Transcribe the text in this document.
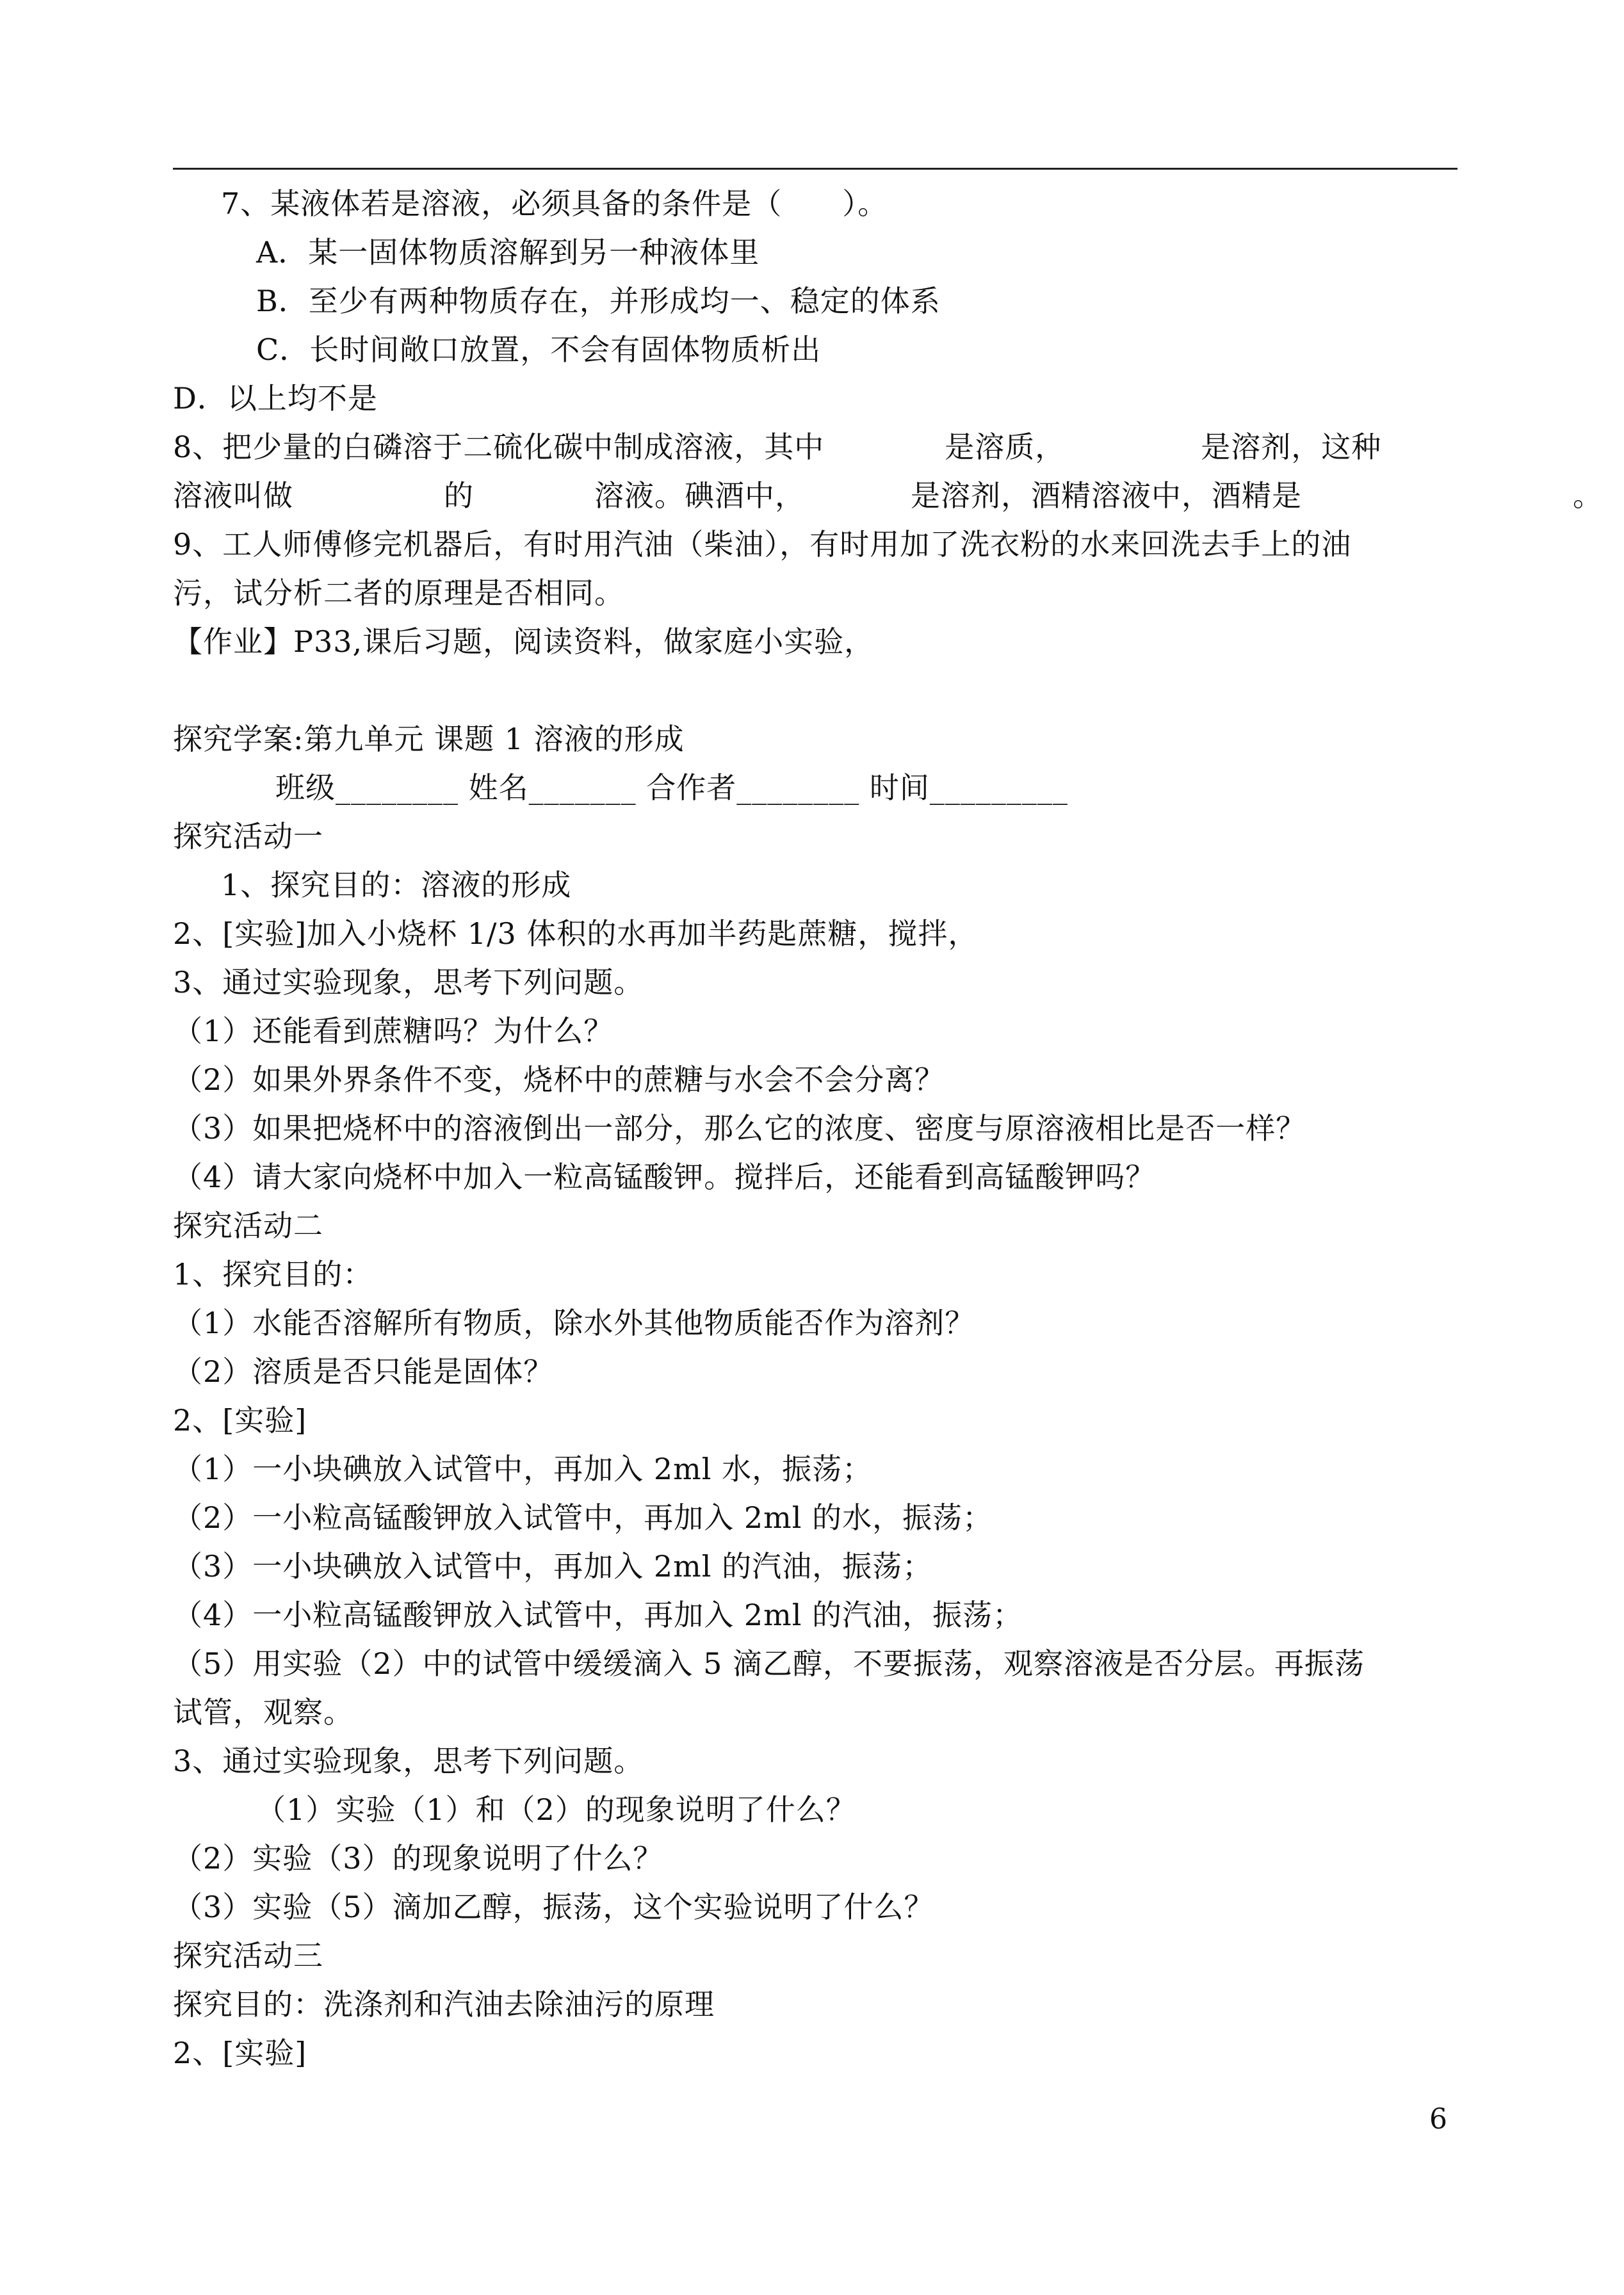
7、某液体若是溶液，必须具备的条件是（　　）。
A．某一固体物质溶解到另一种液体里
B．至少有两种物质存在，并形成均一、稳定的体系
C．长时间敞口放置，不会有固体物质析出
D．以上均不是
8、把少量的白磷溶于二硫化碳中制成溶液，其中　　　　是溶质，　　　　　是溶剂，这种
溶液叫做　　　　　的　　　　溶液。碘酒中，　　　　是溶剂，酒精溶液中，酒精是　　　　　　　　　。
9、工人师傅修完机器后，有时用汽油（柴油），有时用加了洗衣粉的水来回洗去手上的油
污，试分析二者的原理是否相同。
【作业】P33,课后习题，阅读资料，做家庭小实验，
探究学案:第九单元 课题 1 溶液的形成
班级________ 姓名_______ 合作者________ 时间_________
探究活动一
1、探究目的：溶液的形成
2、[实验]加入小烧杯 1/3 体积的水再加半药匙蔗糖，搅拌，
3、通过实验现象，思考下列问题。
（1）还能看到蔗糖吗？为什么？
（2）如果外界条件不变，烧杯中的蔗糖与水会不会分离？
（3）如果把烧杯中的溶液倒出一部分，那么它的浓度、密度与原溶液相比是否一样？
（4）请大家向烧杯中加入一粒高锰酸钾。搅拌后，还能看到高锰酸钾吗？
探究活动二
1、探究目的：
（1）水能否溶解所有物质，除水外其他物质能否作为溶剂？
（2）溶质是否只能是固体？
2、[实验]
（1）一小块碘放入试管中，再加入 2ml 水，振荡；
（2）一小粒高锰酸钾放入试管中，再加入 2ml 的水，振荡；
（3）一小块碘放入试管中，再加入 2ml 的汽油，振荡；
（4）一小粒高锰酸钾放入试管中，再加入 2ml 的汽油，振荡；
（5）用实验（2）中的试管中缓缓滴入 5 滴乙醇，不要振荡，观察溶液是否分层。再振荡
试管，观察。
3、通过实验现象，思考下列问题。
（1）实验（1）和（2）的现象说明了什么？
（2）实验（3）的现象说明了什么？
（3）实验（5）滴加乙醇，振荡，这个实验说明了什么？
探究活动三
探究目的：洗涤剂和汽油去除油污的原理
2、[实验]
6
